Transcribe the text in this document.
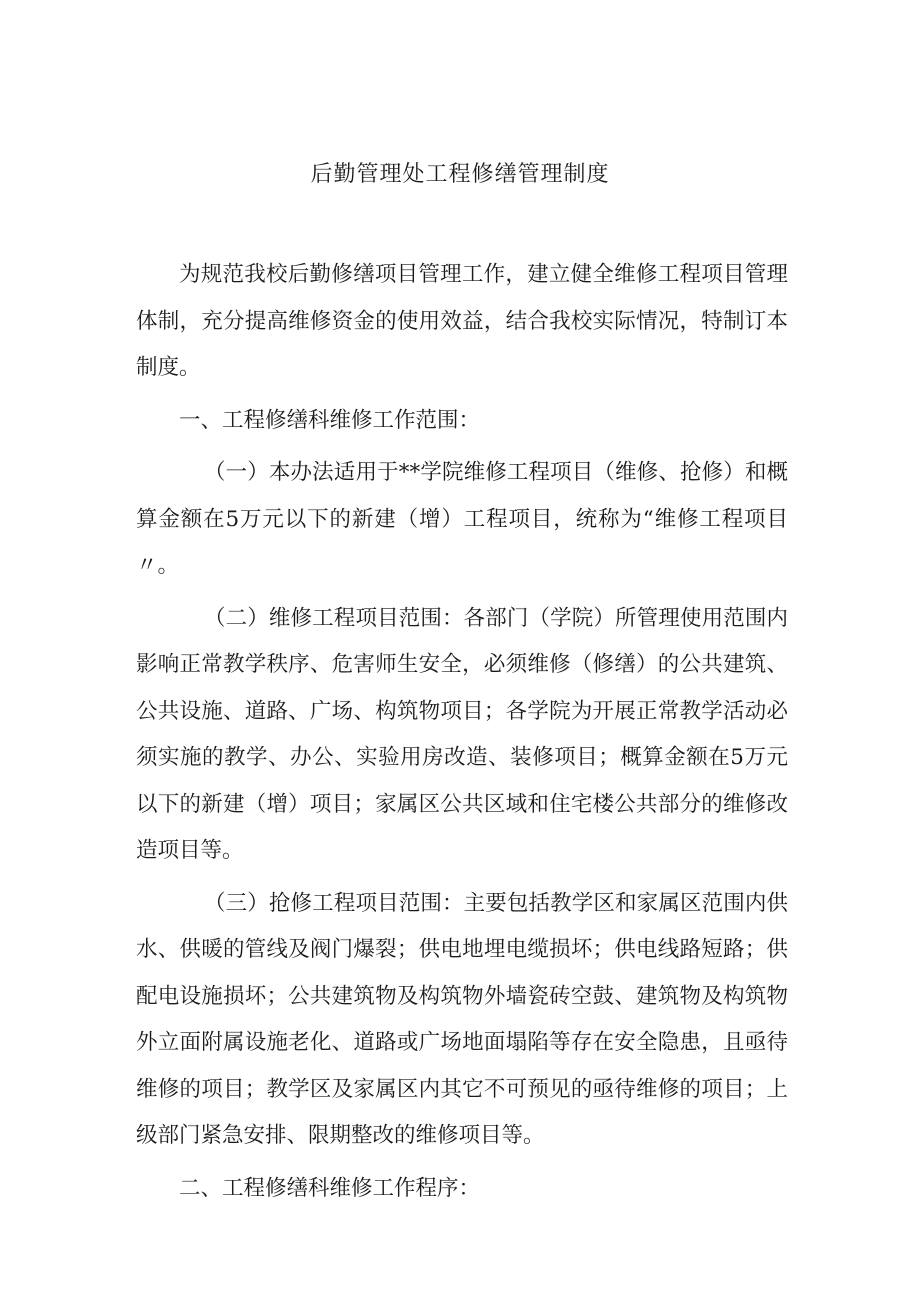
后勤管理处工程修缮管理制度

为规范我校后勤修缮项目管理工作，建立健全维修工程项目管理体制，充分提高维修资金的使用效益，结合我校实际情况，特制订本制度。

一、工程修缮科维修工作范围：

（一）本办法适用于**学院维修工程项目（维修、抢修）和概算金额在5万元以下的新建（增）工程项目，统称为“维修工程项目〃。

（二）维修工程项目范围：各部门（学院）所管理使用范围内影响正常教学秩序、危害师生安全，必须维修（修缮）的公共建筑、公共设施、道路、广场、构筑物项目；各学院为开展正常教学活动必须实施的教学、办公、实验用房改造、装修项目；概算金额在5万元以下的新建（增）项目；家属区公共区域和住宅楼公共部分的维修改造项目等。

（三）抢修工程项目范围：主要包括教学区和家属区范围内供水、供暖的管线及阀门爆裂；供电地埋电缆损坏；供电线路短路；供配电设施损坏；公共建筑物及构筑物外墙瓷砖空鼓、建筑物及构筑物外立面附属设施老化、道路或广场地面塌陷等存在安全隐患，且亟待维修的项目；教学区及家属区内其它不可预见的亟待维修的项目；上级部门紧急安排、限期整改的维修项目等。

二、工程修缮科维修工作程序：
